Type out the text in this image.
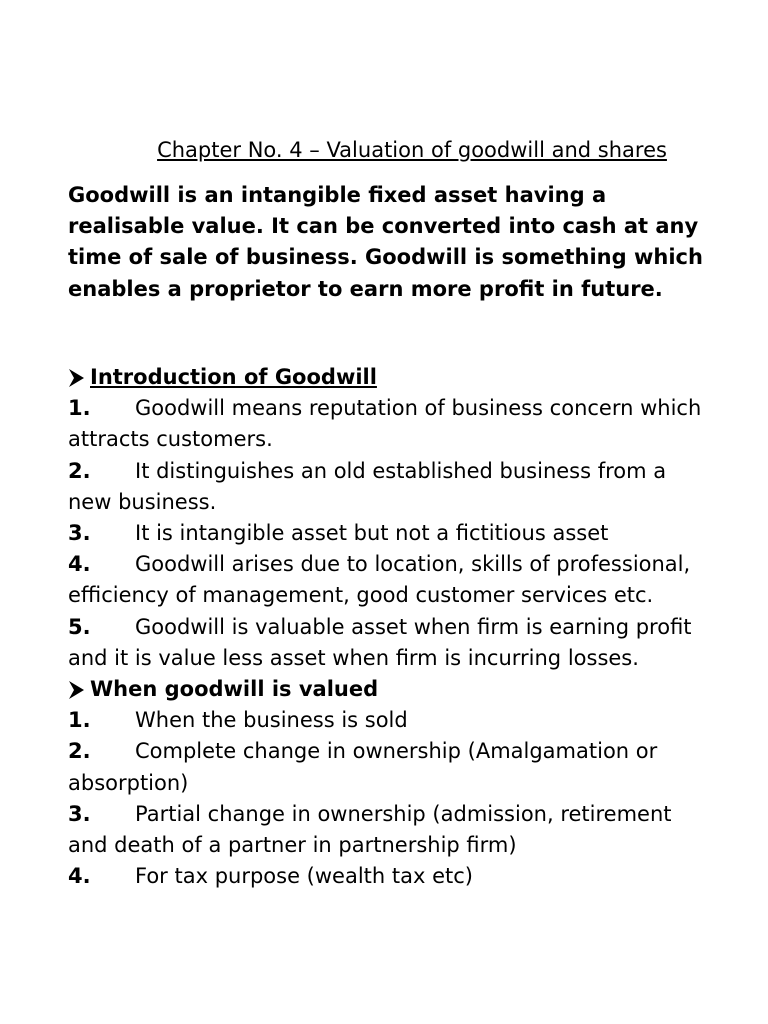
Chapter No. 4 – Valuation of goodwill and shares

Goodwill is an intangible fixed asset having a

realisable value. It can be converted into cash at any

time of sale of business. Goodwill is something which

enables a proprietor to earn more profit in future.

Introduction of Goodwill

1. Goodwill means reputation of business concern which
attracts customers.

2. It distinguishes an old established business from a
new business.

3. It is intangible asset but not a fictitious asset

4. Goodwill arises due to location, skills of professional,
efficiency of management, good customer services etc.

5. Goodwill is valuable asset when firm is earning profit
and it is value less asset when firm is incurring losses.

When goodwill is valued

1. When the business is sold

2. Complete change in ownership (Amalgamation or
absorption)

3. Partial change in ownership (admission, retirement
and death of a partner in partnership firm)

4. For tax purpose (wealth tax etc)
